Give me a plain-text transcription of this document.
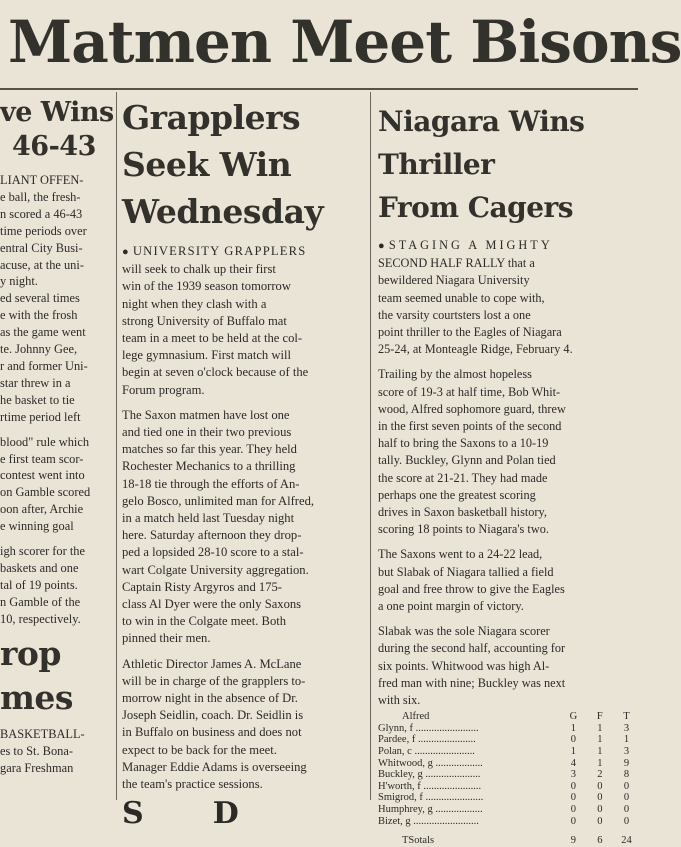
Matmen Meet Bisons
ve Wins
46-43
LIANT OFFEN-
e ball, the fresh-
n scored a 46-43
time periods over
entral City Busi-
acuse, at the uni-
y night.
ed several times
e with the frosh
as the game went
te. Johnny Gee,
r and former Uni-
star threw in a
he basket to tie
rtime period left
blood" rule which
e first team scor-
contest went into
on Gamble scored
oon after, Archie
e winning goal
igh scorer for the
baskets and one
tal of 19 points.
n Gamble of the
10, respectively.
rop
mes
BASKETBALL-
es to St. Bona-
gara Freshman
Grapplers
Seek Win
Wednesday
● UNIVERSITY GRAPPLERS
will seek to chalk up their first
win of the 1939 season tomorrow
night when they clash with a
strong University of Buffalo mat
team in a meet to be held at the col-
lege gymnasium. First match will
begin at seven o'clock because of the
Forum program.
The Saxon matmen have lost one
and tied one in their two previous
matches so far this year. They held
Rochester Mechanics to a thrilling
18-18 tie through the efforts of An-
gelo Bosco, unlimited man for Alfred,
in a match held last Tuesday night
here. Saturday afternoon they drop-
ped a lopsided 28-10 score to a stal-
wart Colgate University aggregation.
Captain Risty Argyros and 175-
class Al Dyer were the only Saxons
to win in the Colgate meet. Both
pinned their men.
Athletic Director James A. McLane
will be in charge of the grapplers to-
morrow night in the absence of Dr.
Joseph Seidlin, coach. Dr. Seidlin is
in Buffalo on business and does not
expect to be back for the meet.
Manager Eddie Adams is overseeing
the team's practice sessions.
S       D
Niagara Wins
Thriller
From Cagers
● STAGING A MIGHTY
SECOND HALF RALLY that a
bewildered Niagara University
team seemed unable to cope with,
the varsity courtsters lost a one
point thriller to the Eagles of Niagara
25-24, at Monteagle Ridge, February 4.
Trailing by the almost hopeless
score of 19-3 at half time, Bob Whit-
wood, Alfred sophomore guard, threw
in the first seven points of the second
half to bring the Saxons to a 10-19
tally. Buckley, Glynn and Polan tied
the score at 21-21. They had made
perhaps one the greatest scoring
drives in Saxon basketball history,
scoring 18 points to Niagara's two.
The Saxons went to a 24-22 lead,
but Slabak of Niagara tallied a field
goal and free throw to give the Eagles
a one point margin of victory.
Slabak was the sole Niagara scorer
during the second half, accounting for
six points. Whitwood was high Al-
fred man with nine; Buckley was next
with six.
Alfred	G	F	T
Glynn, f ........................	1	1	3
Pardee, f ......................	0	1	1
Polan, c .......................	1	1	3
Whitwood, g ..................	4	1	9
Buckley, g .....................	3	2	8
H'worth, f ......................	0	0	0
Smigrod, f ......................	0	0	0
Humphrey, g ..................	0	0	0
Bizet, g .........................	0	0	0
TSotals	9	6	24
